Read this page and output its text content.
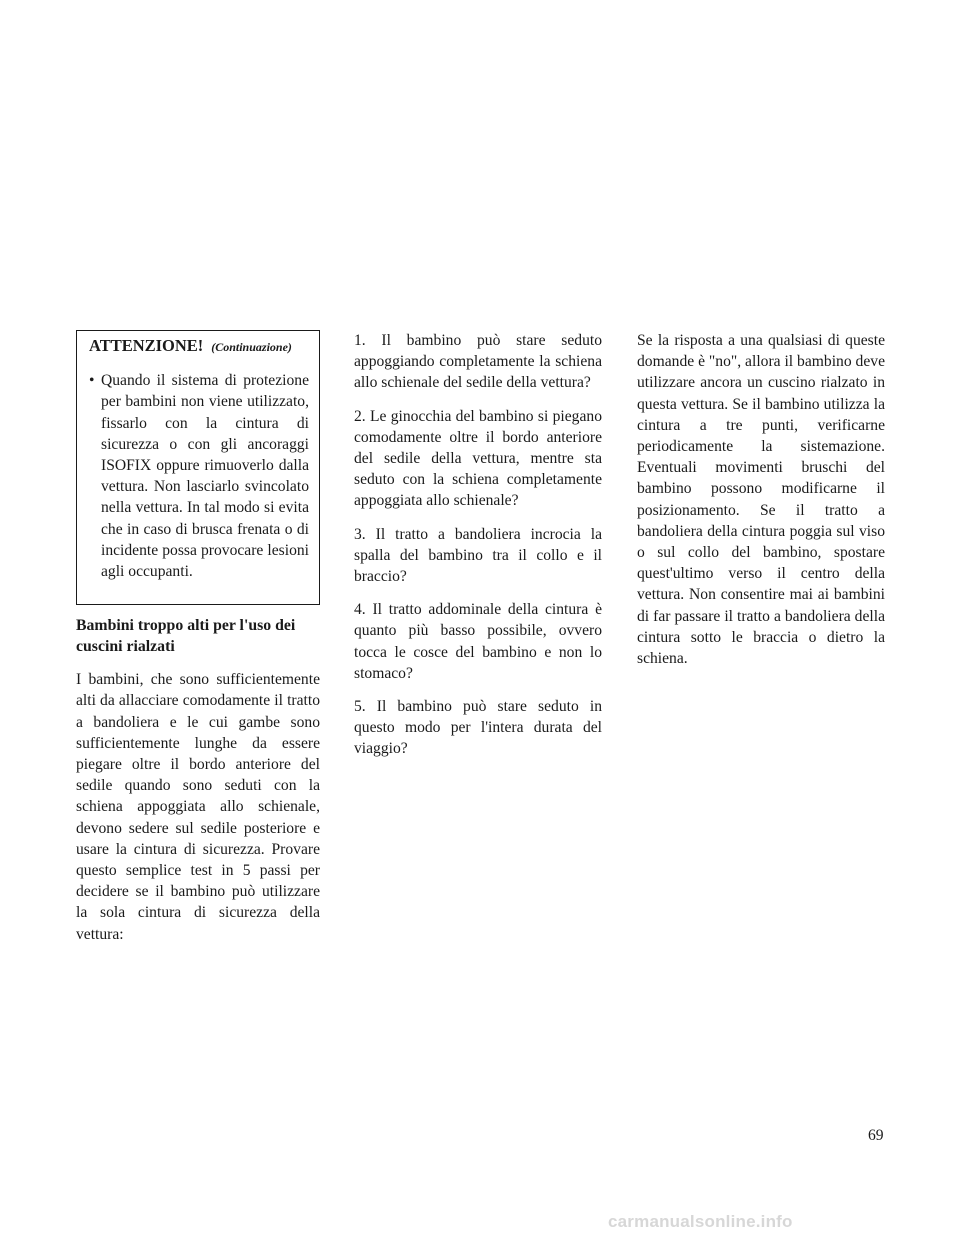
ATTENZIONE! (Continuazione)

• Quando il sistema di protezione per bambini non viene utilizzato, fissarlo con la cintura di sicurezza o con gli ancoraggi ISOFIX oppure rimuoverlo dalla vettura. Non lasciarlo svincolato nella vettura. In tal modo si evita che in caso di brusca frenata o di incidente possa provocare lesioni agli occupanti.

Bambini troppo alti per l'uso dei cuscini rialzati

I bambini, che sono sufficientemente alti da allacciare comodamente il tratto a bandoliera e le cui gambe sono sufficientemente lunghe da essere piegare oltre il bordo anteriore del sedile quando sono seduti con la schiena appoggiata allo schienale, devono sedere sul sedile posteriore e usare la cintura di sicurezza. Provare questo semplice test in 5 passi per decidere se il bambino può utilizzare la sola cintura di sicurezza della vettura:

1. Il bambino può stare seduto appoggiando completamente la schiena allo schienale del sedile della vettura?

2. Le ginocchia del bambino si piegano comodamente oltre il bordo anteriore del sedile della vettura, mentre sta seduto con la schiena completamente appoggiata allo schienale?

3. Il tratto a bandoliera incrocia la spalla del bambino tra il collo e il braccio?

4. Il tratto addominale della cintura è quanto più basso possibile, ovvero tocca le cosce del bambino e non lo stomaco?

5. Il bambino può stare seduto in questo modo per l'intera durata del viaggio?

Se la risposta a una qualsiasi di queste domande è "no", allora il bambino deve utilizzare ancora un cuscino rialzato in questa vettura. Se il bambino utilizza la cintura a tre punti, verificarne periodicamente la sistemazione. Eventuali movimenti bruschi del bambino possono modificarne il posizionamento. Se il tratto a bandoliera della cintura poggia sul viso o sul collo del bambino, spostare quest'ultimo verso il centro della vettura. Non consentire mai ai bambini di far passare il tratto a bandoliera della cintura sotto le braccia o dietro la schiena.

69
carmanualsonline.info
